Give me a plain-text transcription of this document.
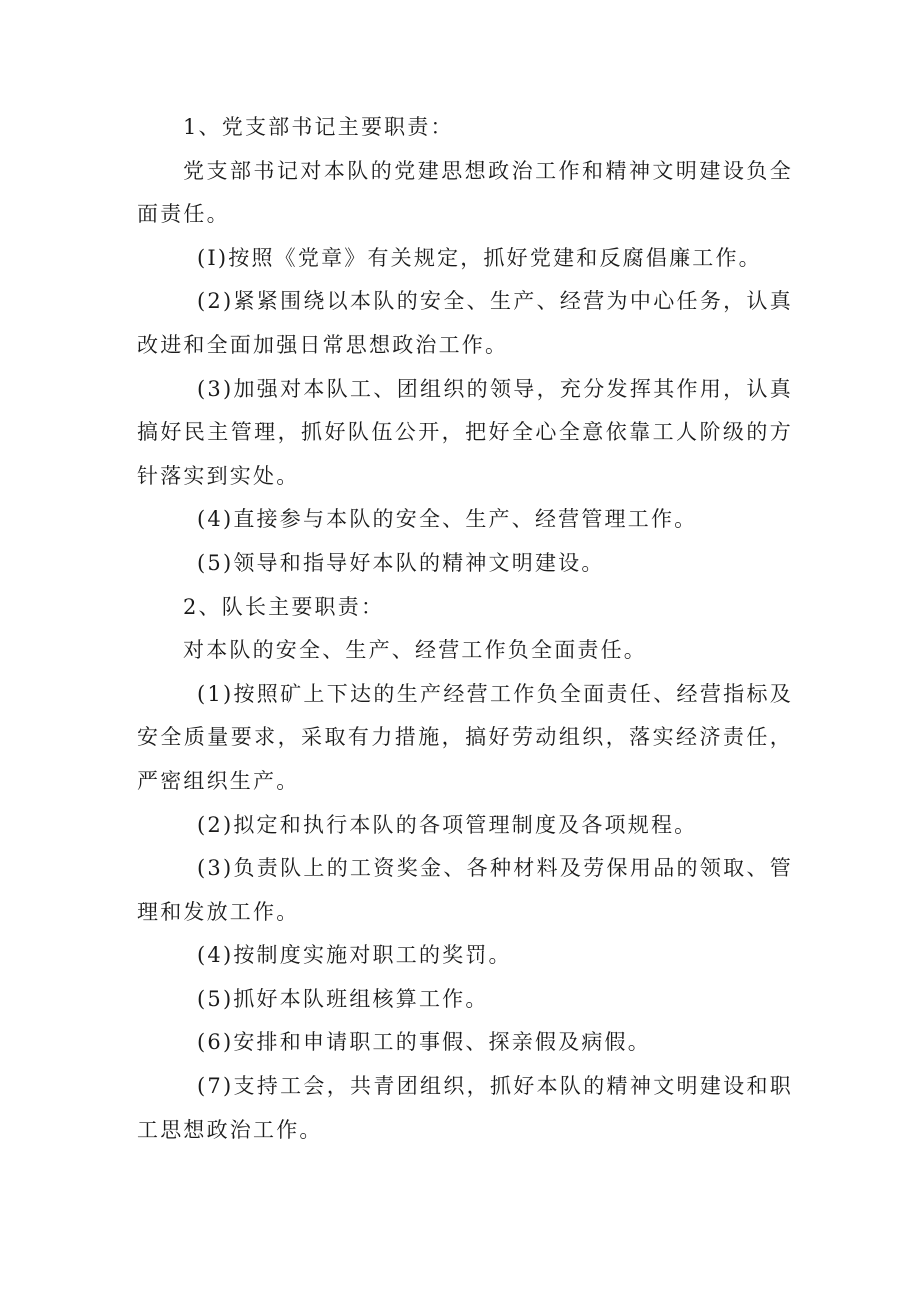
1、党支部书记主要职责：

党支部书记对本队的党建思想政治工作和精神文明建设负全面责任。

(I)按照《党章》有关规定，抓好党建和反腐倡廉工作。

(2)紧紧围绕以本队的安全、生产、经营为中心任务，认真改进和全面加强日常思想政治工作。

(3)加强对本队工、团组织的领导，充分发挥其作用，认真搞好民主管理，抓好队伍公开，把好全心全意依靠工人阶级的方针落实到实处。

(4)直接参与本队的安全、生产、经营管理工作。

(5)领导和指导好本队的精神文明建设。

2、队长主要职责：

对本队的安全、生产、经营工作负全面责任。

(1)按照矿上下达的生产经营工作负全面责任、经营指标及安全质量要求，采取有力措施，搞好劳动组织，落实经济责任，严密组织生产。

(2)拟定和执行本队的各项管理制度及各项规程。

(3)负责队上的工资奖金、各种材料及劳保用品的领取、管理和发放工作。

(4)按制度实施对职工的奖罚。

(5)抓好本队班组核算工作。

(6)安排和申请职工的事假、探亲假及病假。

(7)支持工会，共青团组织，抓好本队的精神文明建设和职工思想政治工作。
